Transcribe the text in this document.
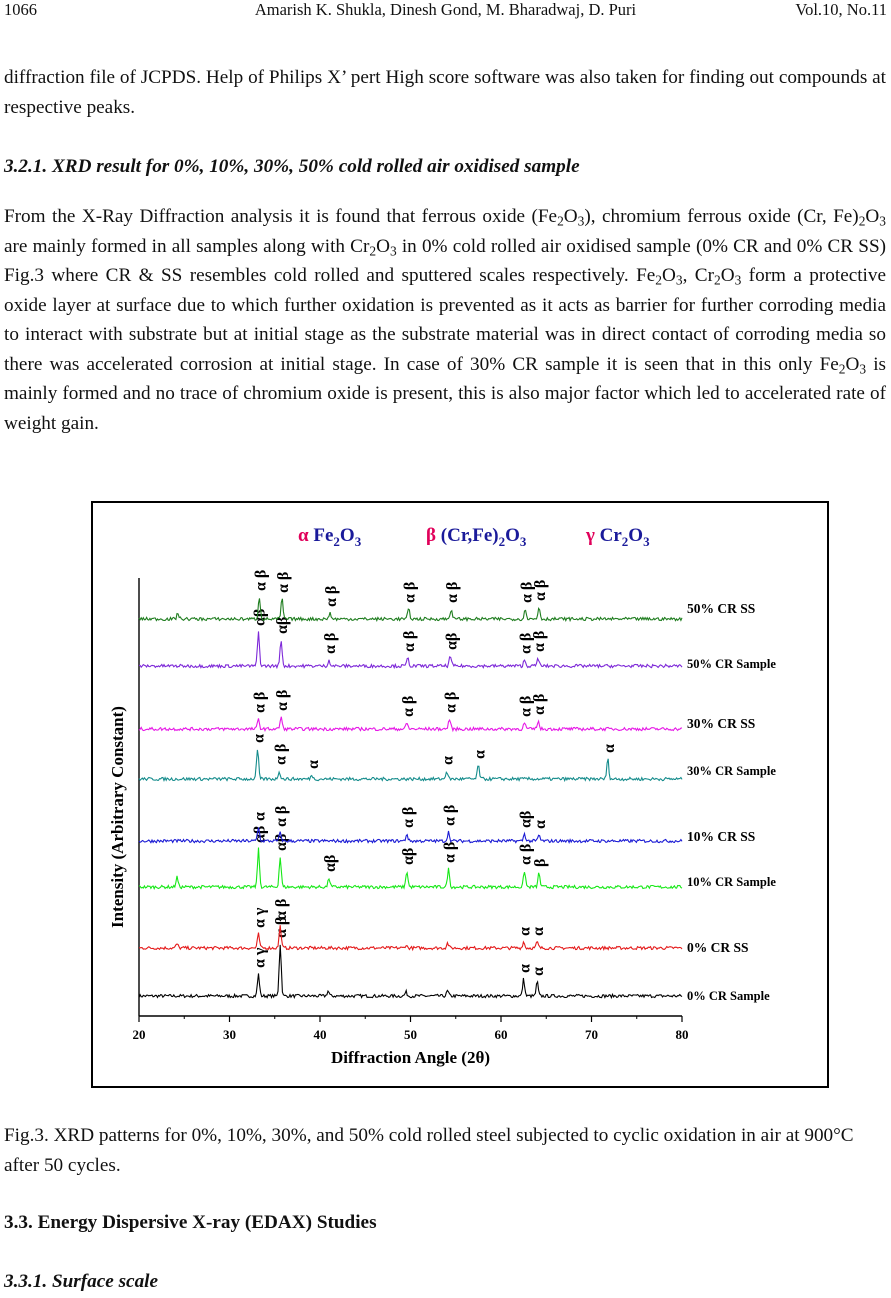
1066	Amarish K. Shukla, Dinesh Gond, M. Bharadwaj, D. Puri	Vol.10, No.11

diffraction file of JCPDS. Help of Philips X’ pert High score software was also taken for finding out compounds at respective peaks.

3.2.1. XRD result for 0%, 10%, 30%, 50% cold rolled air oxidised sample

From the X-Ray Diffraction analysis it is found that ferrous oxide $(Fe_2O_3)$, chromium ferrous oxide (Cr, $Fe)_2O_3$ are mainly formed in all samples along with $Cr_2O_3$ in 0% cold rolled air oxidised sample (0% CR and 0% CR SS) Fig.3 where CR & SS resembles cold rolled and sputtered scales respectively. $Fe_2O_3$, $Cr_2O_3$ form a protective oxide layer at surface due to which further oxidation is prevented as it acts as barrier for further corroding media to interact with substrate but at initial stage as the substrate material was in direct contact of corroding media so there was accelerated corrosion at initial stage. In case of 30% CR sample it is seen that in this only $Fe_2O_3$ is mainly formed and no trace of chromium oxide is present, this is also major factor which led to accelerated rate of weight gain.

20	30	40	50	60	70	80
Diffraction Angle (2θ)
Intensity (Arbitrary Constant)
α $Fe_2O_3$	β $(Cr,Fe)_2O_3$	γ $Cr_2O_3$
0% CR Sample
α γ
α β
α
α
0% CR SS
α γ α β
α
α
10% CR Sample
αβ αβ
αβ	αβ α β	α β
β
10% CR SS
α α β	α β α β	αβ
α
30% CR Sample
α
α β α	α
α
α
30% CR SS
α β α β	α β α β	α β
α β
50% CR Sample
αβ αβ
α β	α β αβ	α β
α β
50% CR SS
α β α β
α β	α β α β	α β
α β

Fig.3. XRD patterns for 0%, 10%, 30%, and 50% cold rolled steel subjected to cyclic oxidation in air at 900°C after 50 cycles.

3.3. Energy Dispersive X-ray (EDAX) Studies
3.3.1. Surface scale
